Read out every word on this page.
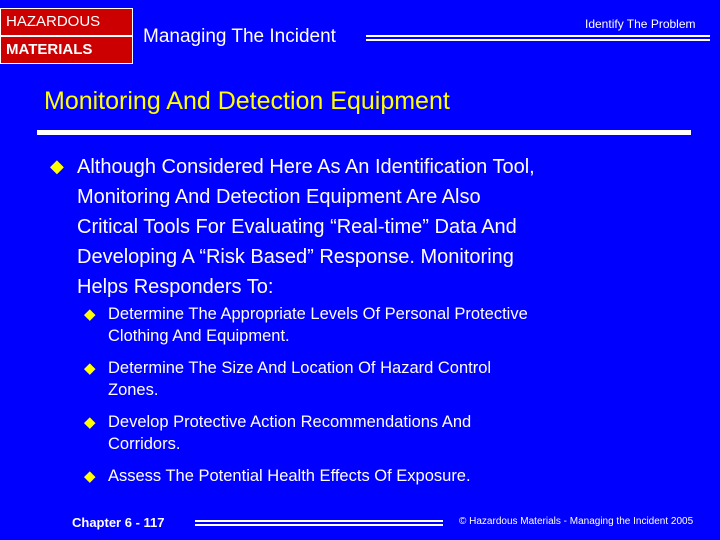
HAZARDOUS
MATERIALS
Managing The Incident
Identify The Problem
Monitoring And Detection Equipment
◆ Although Considered Here As An Identification Tool,
Monitoring And Detection Equipment Are Also
Critical Tools For Evaluating “Real-time” Data And
Developing A “Risk Based” Response. Monitoring
Helps Responders To:
◆ Determine The Appropriate Levels Of Personal Protective
Clothing And Equipment.
◆ Determine The Size And Location Of Hazard Control
Zones.
◆ Develop Protective Action Recommendations And
Corridors.
◆ Assess The Potential Health Effects Of Exposure.
Chapter 6 - 117	© Hazardous Materials - Managing the Incident 2005
